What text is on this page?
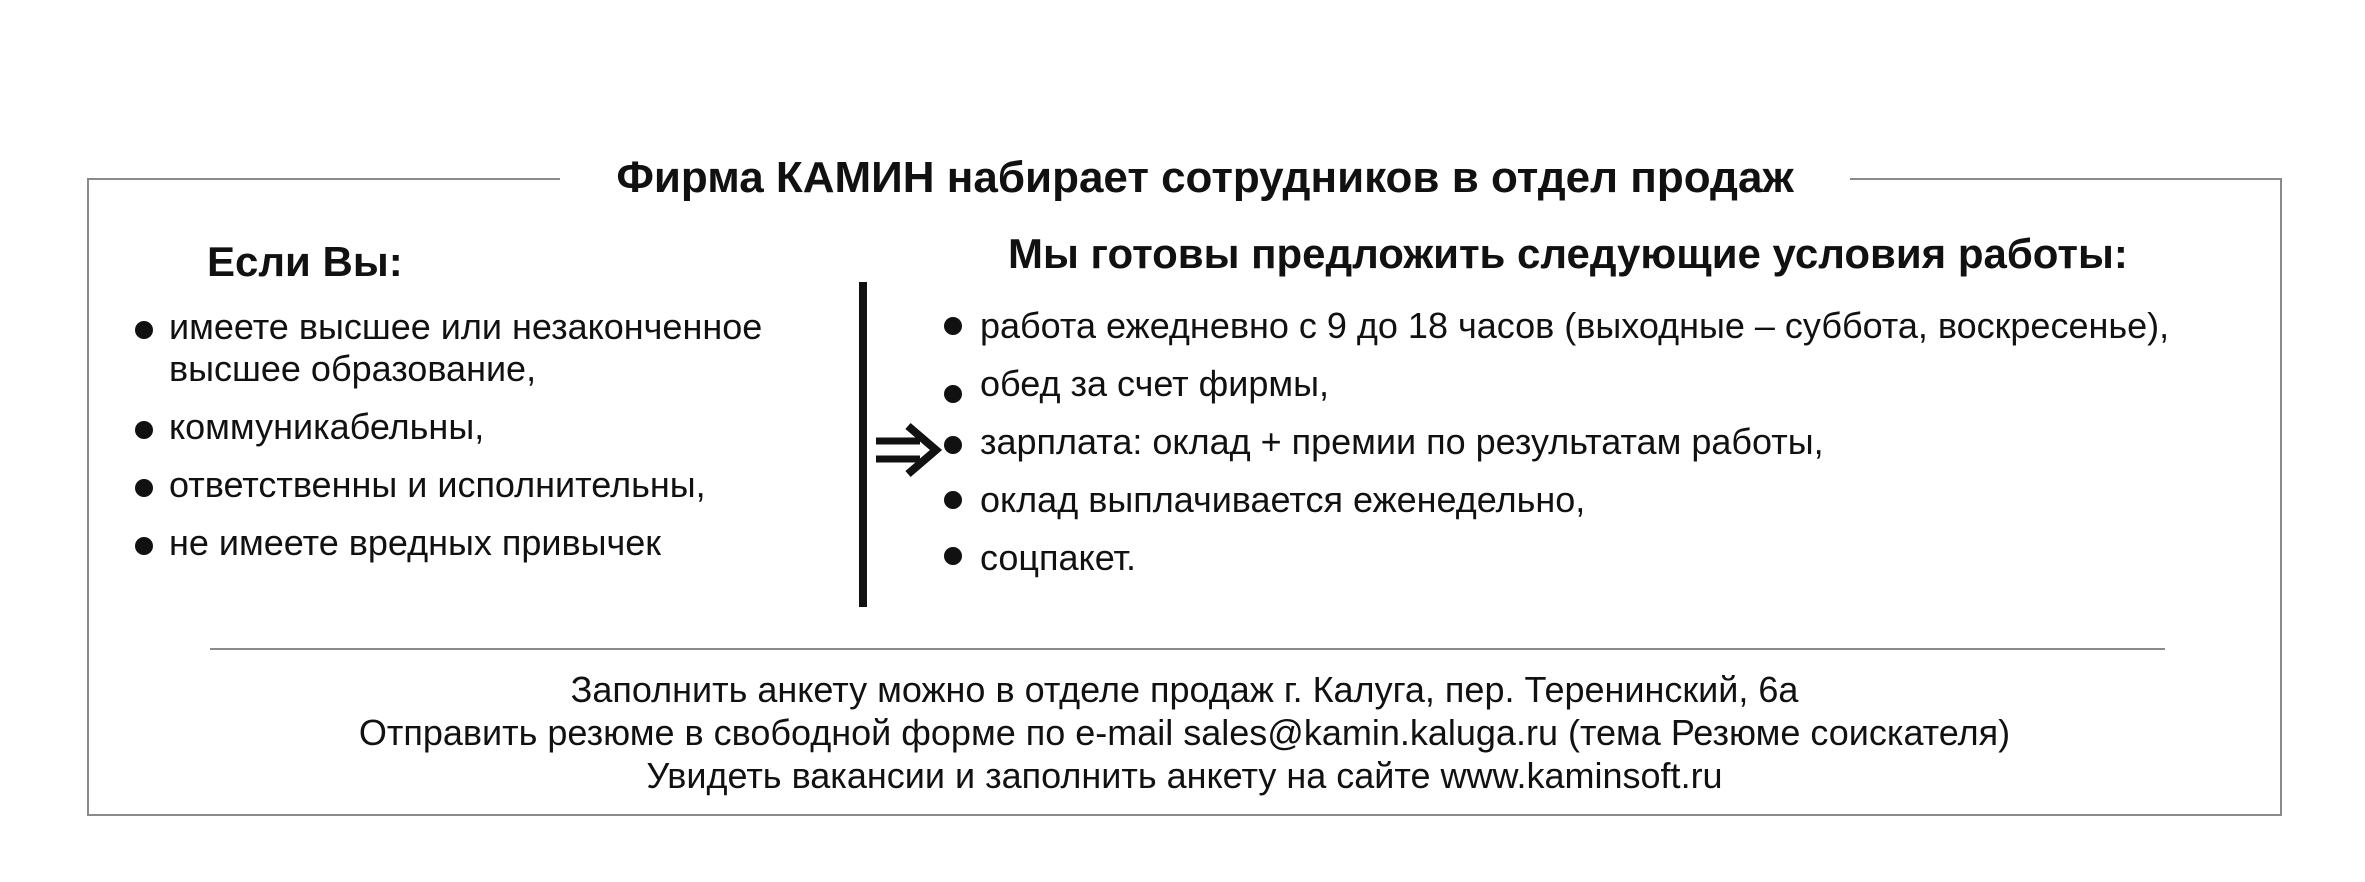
Фирма КАМИН набирает сотрудников в отдел продаж
Если Вы:
имеете высшее или незаконченное
высшее образование,
коммуникабельны,
ответственны и исполнительны,
не имеете вредных привычек
Мы готовы предложить следующие условия работы:
работа ежедневно с 9 до 18 часов (выходные – суббота, воскресенье),
обед за счет фирмы,
зарплата: оклад + премии по результатам работы,
оклад выплачивается еженедельно,
соцпакет.
Заполнить анкету можно в отделе продаж г. Калуга, пер. Теренинский, 6а
Отправить резюме в свободной форме по e-mail sales@kamin.kaluga.ru (тема Резюме соискателя)
Увидеть вакансии и заполнить анкету на сайте www.kaminsoft.ru
